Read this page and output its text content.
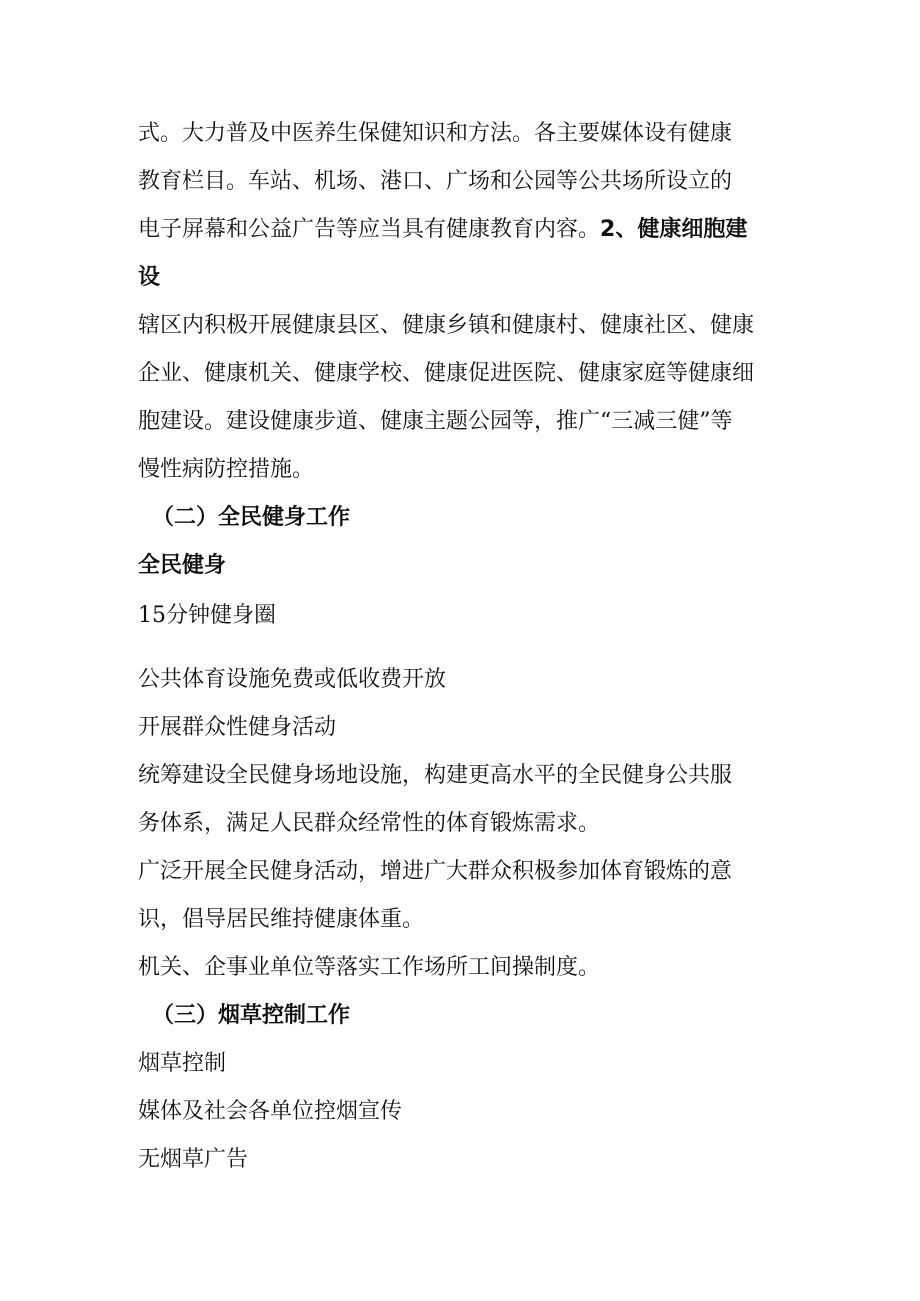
式。大力普及中医养生保健知识和方法。各主要媒体设有健康

教育栏目。车站、机场、港口、广场和公园等公共场所设立的

电子屏幕和公益广告等应当具有健康教育内容。2、健康细胞建

设

辖区内积极开展健康县区、健康乡镇和健康村、健康社区、健康

企业、健康机关、健康学校、健康促进医院、健康家庭等健康细

胞建设。建设健康步道、健康主题公园等，推广“三减三健”等

慢性病防控措施。

（二）全民健身工作

全民健身

15分钟健身圈

公共体育设施免费或低收费开放

开展群众性健身活动

统筹建设全民健身场地设施，构建更高水平的全民健身公共服

务体系，满足人民群众经常性的体育锻炼需求。

广泛开展全民健身活动，增进广大群众积极参加体育锻炼的意

识，倡导居民维持健康体重。

机关、企事业单位等落实工作场所工间操制度。

（三）烟草控制工作

烟草控制

媒体及社会各单位控烟宣传

无烟草广告
